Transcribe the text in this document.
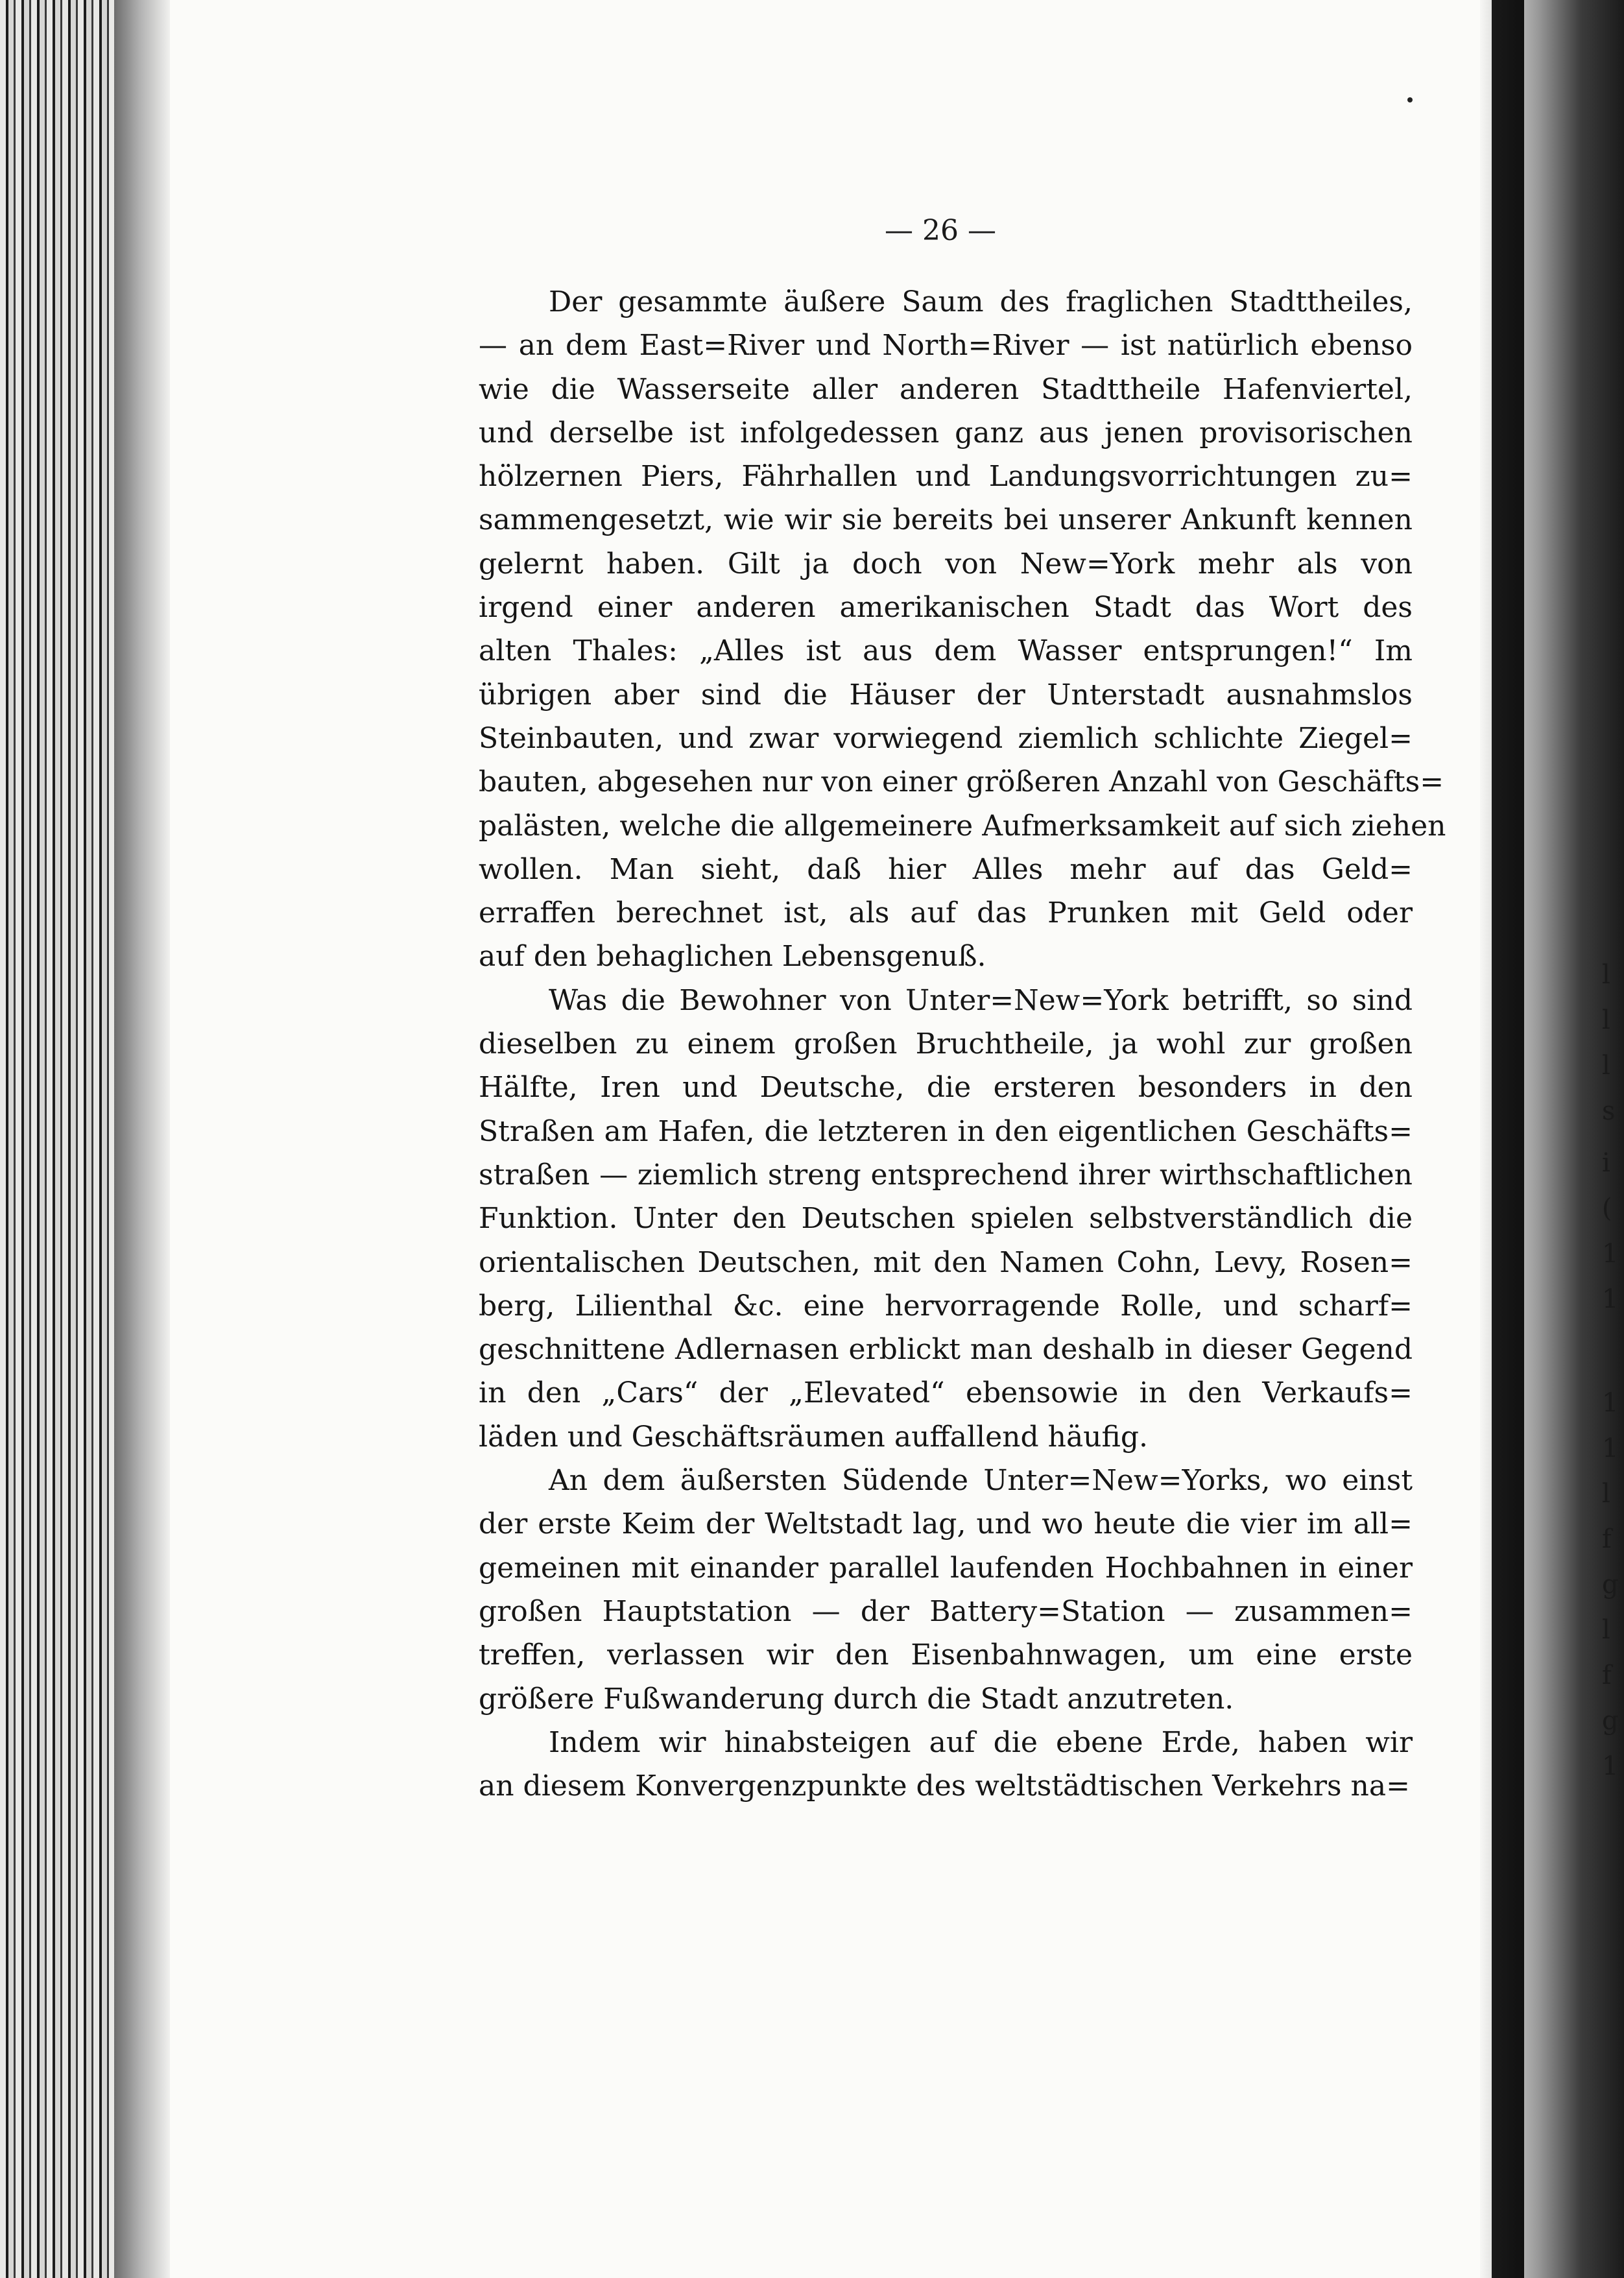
— 26 —
Der gesammte äußere Saum des fraglichen Stadttheiles,
— an dem East=River und North=River — ist natürlich ebenso
wie die Wasserseite aller anderen Stadttheile Hafenviertel,
und derselbe ist infolgedessen ganz aus jenen provisorischen
hölzernen Piers, Fährhallen und Landungsvorrichtungen zu=
sammengesetzt, wie wir sie bereits bei unserer Ankunft kennen
gelernt haben. Gilt ja doch von New=York mehr als von
irgend einer anderen amerikanischen Stadt das Wort des
alten Thales: „Alles ist aus dem Wasser entsprungen!“ Im
übrigen aber sind die Häuser der Unterstadt ausnahmslos
Steinbauten, und zwar vorwiegend ziemlich schlichte Ziegel=
bauten, abgesehen nur von einer größeren Anzahl von Geschäfts=
palästen, welche die allgemeinere Aufmerksamkeit auf sich ziehen
wollen. Man sieht, daß hier Alles mehr auf das Geld=
erraffen berechnet ist, als auf das Prunken mit Geld oder
auf den behaglichen Lebensgenuß.
Was die Bewohner von Unter=New=York betrifft, so sind
dieselben zu einem großen Bruchtheile, ja wohl zur großen
Hälfte, Iren und Deutsche, die ersteren besonders in den
Straßen am Hafen, die letzteren in den eigentlichen Geschäfts=
straßen — ziemlich streng entsprechend ihrer wirthschaftlichen
Funktion. Unter den Deutschen spielen selbstverständlich die
orientalischen Deutschen, mit den Namen Cohn, Levy, Rosen=
berg, Lilienthal &c. eine hervorragende Rolle, und scharf=
geschnittene Adlernasen erblickt man deshalb in dieser Gegend
in den „Cars“ der „Elevated“ ebensowie in den Verkaufs=
läden und Geschäftsräumen auffallend häufig.
An dem äußersten Südende Unter=New=Yorks, wo einst
der erste Keim der Weltstadt lag, und wo heute die vier im all=
gemeinen mit einander parallel laufenden Hochbahnen in einer
großen Hauptstation — der Battery=Station — zusammen=
treffen, verlassen wir den Eisenbahnwagen, um eine erste
größere Fußwanderung durch die Stadt anzutreten.
Indem wir hinabsteigen auf die ebene Erde, haben wir
an diesem Konvergenzpunkte des weltstädtischen Verkehrs na=
l
l
l
s
i
(
1
1
1
1
l
f
g
l
f
g
1
